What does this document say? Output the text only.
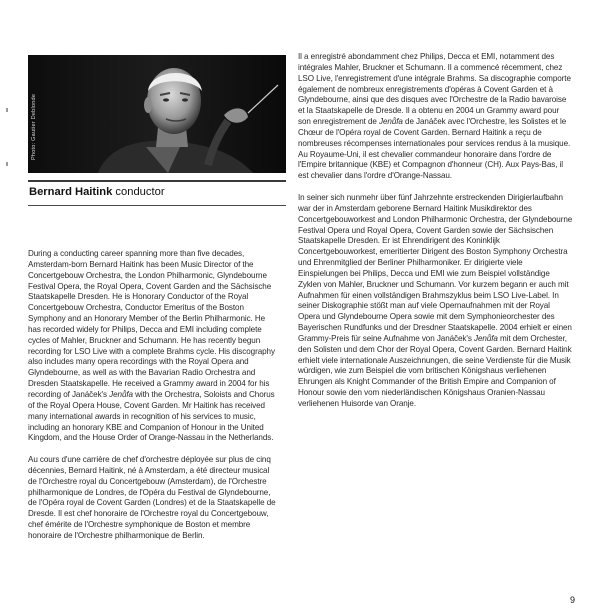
Photo: Gautier Deblonde
Bernard Haitink conductor

During a conducting career spanning more than five decades, Amsterdam-born Bernard Haitink has been Music Director of the Concertgebouw Orchestra, the London Philharmonic, Glyndebourne Festival Opera, the Royal Opera, Covent Garden and the Sächsische Staatskapelle Dresden. He is Honorary Conductor of the Royal Concertgebouw Orchestra, Conductor Emeritus of the Boston Symphony and an Honorary Member of the Berlin Philharmonic. He has recorded widely for Philips, Decca and EMI including complete cycles of Mahler, Bruckner and Schumann. He has recently begun recording for LSO Live with a complete Brahms cycle. His discography also includes many opera recordings with the Royal Opera and Glyndebourne, as well as with the Bavarian Radio Orchestra and Dresden Staatskapelle. He received a Grammy award in 2004 for his recording of Janáček's Jenůfa with the Orchestra, Soloists and Chorus of the Royal Opera House, Covent Garden. Mr Haitink has received many international awards in recognition of his services to music, including an honorary KBE and Companion of Honour in the United Kingdom, and the House Order of Orange-Nassau in the Netherlands.

Au cours d'une carrière de chef d'orchestre déployée sur plus de cinq décennies, Bernard Haitink, né à Amsterdam, a été directeur musical de l'Orchestre royal du Concertgebouw (Amsterdam), de l'Orchestre philharmonique de Londres, de l'Opéra du Festival de Glyndebourne, de l'Opéra royal de Covent Garden (Londres) et de la Staatskapelle de Dresde. Il est chef honoraire de l'Orchestre royal du Concertgebouw, chef émérite de l'Orchestre symphonique de Boston et membre honoraire de l'Orchestre philharmonique de Berlin.

Il a enregistré abondamment chez Philips, Decca et EMI, notamment des intégrales Mahler, Bruckner et Schumann. Il a commencé récemment, chez LSO Live, l'enregistrement d'une intégrale Brahms. Sa discographie comporte également de nombreux enregistrements d'opéras à Covent Garden et à Glyndebourne, ainsi que des disques avec l'Orchestre de la Radio bavaroise et la Staatskapelle de Dresde. Il a obtenu en 2004 un Grammy award pour son enregistrement de Jenůfa de Janáček avec l'Orchestre, les Solistes et le Chœur de l'Opéra royal de Covent Garden. Bernard Haitink a reçu de nombreuses récompenses internationales pour services rendus à la musique. Au Royaume-Uni, il est chevalier commandeur honoraire dans l'ordre de l'Empire britannique (KBE) et Compagnon d'honneur (CH). Aux Pays-Bas, il est chevalier dans l'ordre d'Orange-Nassau.

In seiner sich nunmehr über fünf Jahrzehnte erstreckenden Dirigierlaufbahn war der in Amsterdam geborene Bernard Haitink Musikdirektor des Concertgebouworkest and London Philharmonic Orchestra, der Glyndebourne Festival Opera und Royal Opera, Covent Garden sowie der Sächsischen Staatskapelle Dresden. Er ist Ehrendirigent des Koninklijk Concertgebouworkest, emeritierter Dirigent des Boston Symphony Orchestra und Ehrenmitglied der Berliner Philharmoniker. Er dirigierte viele Einspielungen bei Philips, Decca und EMI wie zum Beispiel vollständige Zyklen von Mahler, Bruckner und Schumann. Vor kurzem begann er auch mit Aufnahmen für einen vollständigen Brahmszyklus beim LSO Live-Label. In seiner Diskographie stößt man auf viele Opernaufnahmen mit der Royal Opera und Glyndebourne Opera sowie mit dem Symphonieorchester des Bayerischen Rundfunks und der Dresdner Staatskapelle. 2004 erhielt er einen Grammy-Preis für seine Aufnahme von Janáček's Jenůfa mit dem Orchester, den Solisten und dem Chor der Royal Opera, Covent Garden. Bernard Haitink erhielt viele internationale Auszeichnungen, die seine Verdienste für die Musik würdigen, wie zum Beispiel die vom britischen Königshaus verliehenen Ehrungen als Knight Commander of the British Empire and Companion of Honour sowie den vom niederländischen Königshaus Oranien-Nassau verliehenen Huisorde van Oranje.

9
